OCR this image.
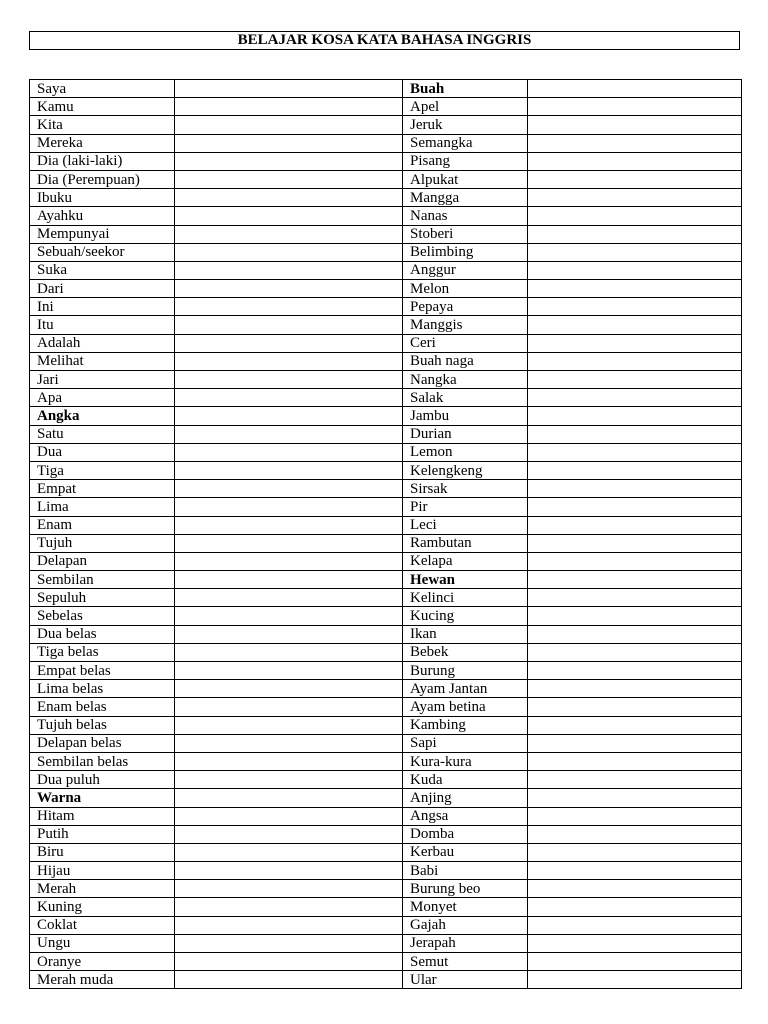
BELAJAR KOSA KATA BAHASA INGGRIS
Saya		Buah	
Kamu		Apel	
Kita		Jeruk	
Mereka		Semangka	
Dia (laki-laki)		Pisang	
Dia (Perempuan)		Alpukat	
Ibuku		Mangga	
Ayahku		Nanas	
Mempunyai		Stoberi	
Sebuah/seekor		Belimbing	
Suka		Anggur	
Dari		Melon	
Ini		Pepaya	
Itu		Manggis	
Adalah		Ceri	
Melihat		Buah naga	
Jari		Nangka	
Apa		Salak	
Angka		Jambu	
Satu		Durian	
Dua		Lemon	
Tiga		Kelengkeng	
Empat		Sirsak	
Lima		Pir	
Enam		Leci	
Tujuh		Rambutan	
Delapan		Kelapa	
Sembilan		Hewan	
Sepuluh		Kelinci	
Sebelas		Kucing	
Dua belas		Ikan	
Tiga belas		Bebek	
Empat belas		Burung	
Lima belas		Ayam Jantan	
Enam belas		Ayam betina	
Tujuh belas		Kambing	
Delapan belas		Sapi	
Sembilan belas		Kura-kura	
Dua puluh		Kuda	
Warna		Anjing	
Hitam		Angsa	
Putih		Domba	
Biru		Kerbau	
Hijau		Babi	
Merah		Burung beo	
Kuning		Monyet	
Coklat		Gajah	
Ungu		Jerapah	
Oranye		Semut	
Merah muda		Ular	
